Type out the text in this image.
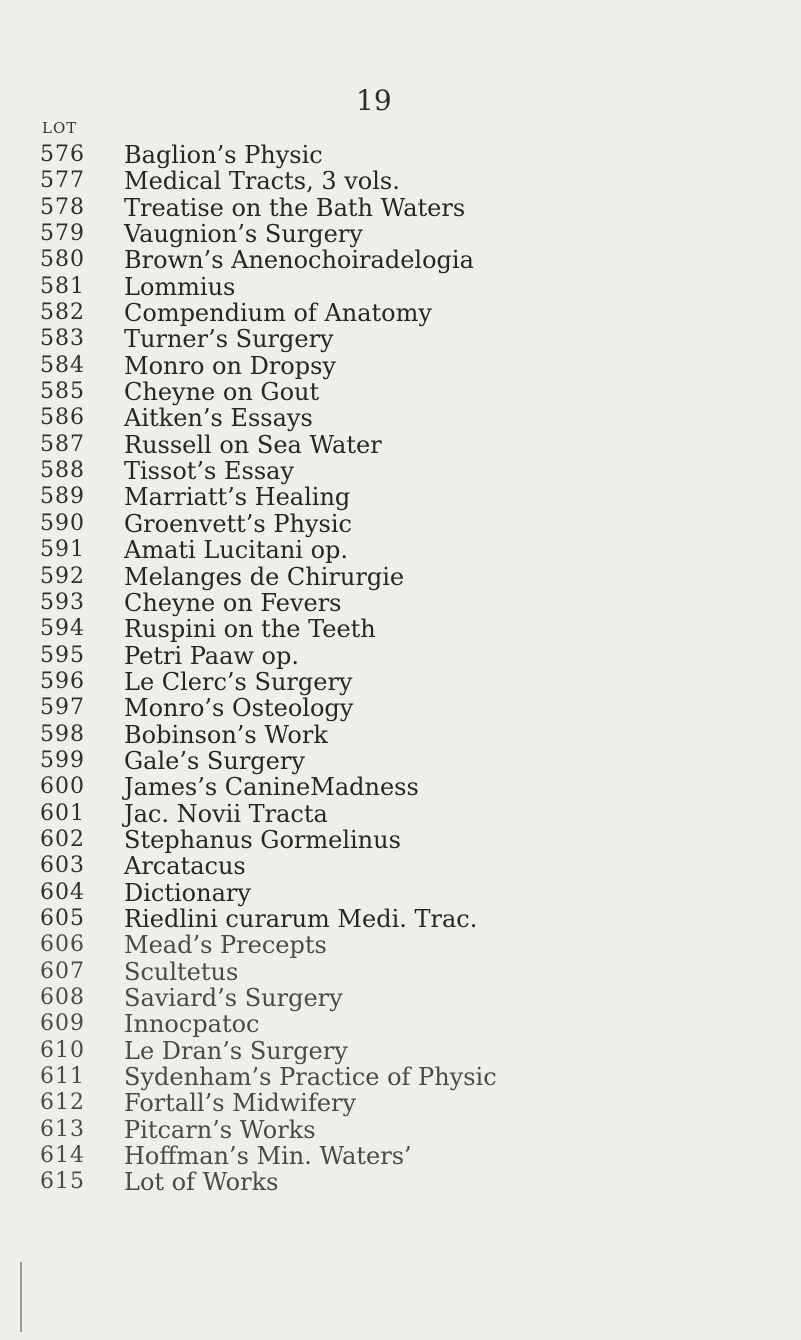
19
LOT
576	Baglion’s Physic
577	Medical Tracts, 3 vols.
578	Treatise on the Bath Waters
579	Vaugnion’s Surgery
580	Brown’s Anenochoiradelogia
581	Lommius
582	Compendium of Anatomy
583	Turner’s Surgery
584	Monro on Dropsy
585	Cheyne on Gout
586	Aitken’s Essays
587	Russell on Sea Water
588	Tissot’s Essay
589	Marriatt’s Healing
590	Groenvett’s Physic
591	Amati Lucitani op.
592	Melanges de Chirurgie
593	Cheyne on Fevers
594	Ruspini on the Teeth
595	Petri Paaw op.
596	Le Clerc’s Surgery
597	Monro’s Osteology
598	Bobinson’s Work
599	Gale’s Surgery
600	James’s CanineMadness
601	Jac. Novii Tracta
602	Stephanus Gormelinus
603	Arcatacus
604	Dictionary
605	Riedlini curarum Medi. Trac.
606	Mead’s Precepts
607	Scultetus
608	Saviard’s Surgery
609	Innocpatoc
610	Le Dran’s Surgery
611	Sydenham’s Practice of Physic
612	Fortall’s Midwifery
613	Pitcarn’s Works
614	Hoffman’s Min. Waters’
615	Lot of Works
